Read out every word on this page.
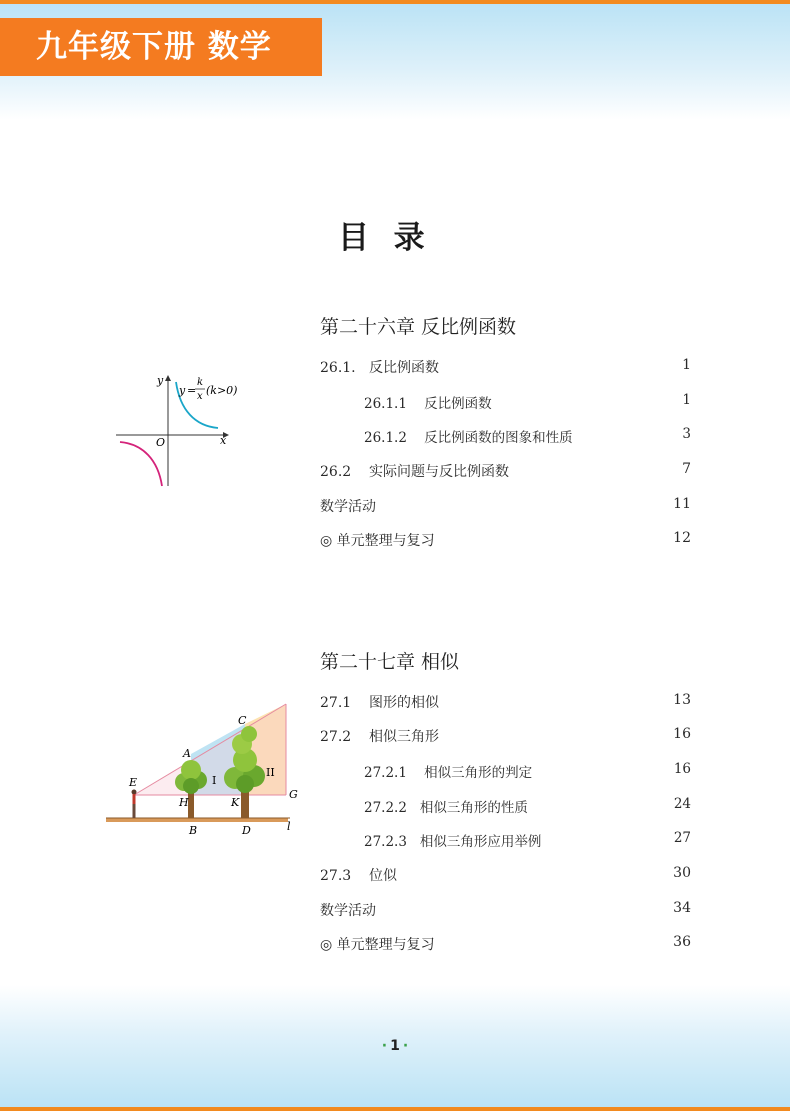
九年级下册 数学
目  录
第二十六章 反比例函数
26.1.   反比例函数	1
26.1.1    反比例函数	1
26.1.2    反比例函数的图象和性质	3
26.2    实际问题与反比例函数	7
数学活动	11
◎ 单元整理与复习	12
y
x
O
y =
k
x (k>0)
第二十七章 相似
27.1    图形的相似	13
27.2    相似三角形	16
27.2.1    相似三角形的判定	16
27.2.2   相似三角形的性质	24
27.2.3   相似三角形应用举例	27
27.3    位似	30
数学活动	34
◎ 单元整理与复习	36
A
B
C
D
E
G
H	K
l
I
II
· 1 ·
